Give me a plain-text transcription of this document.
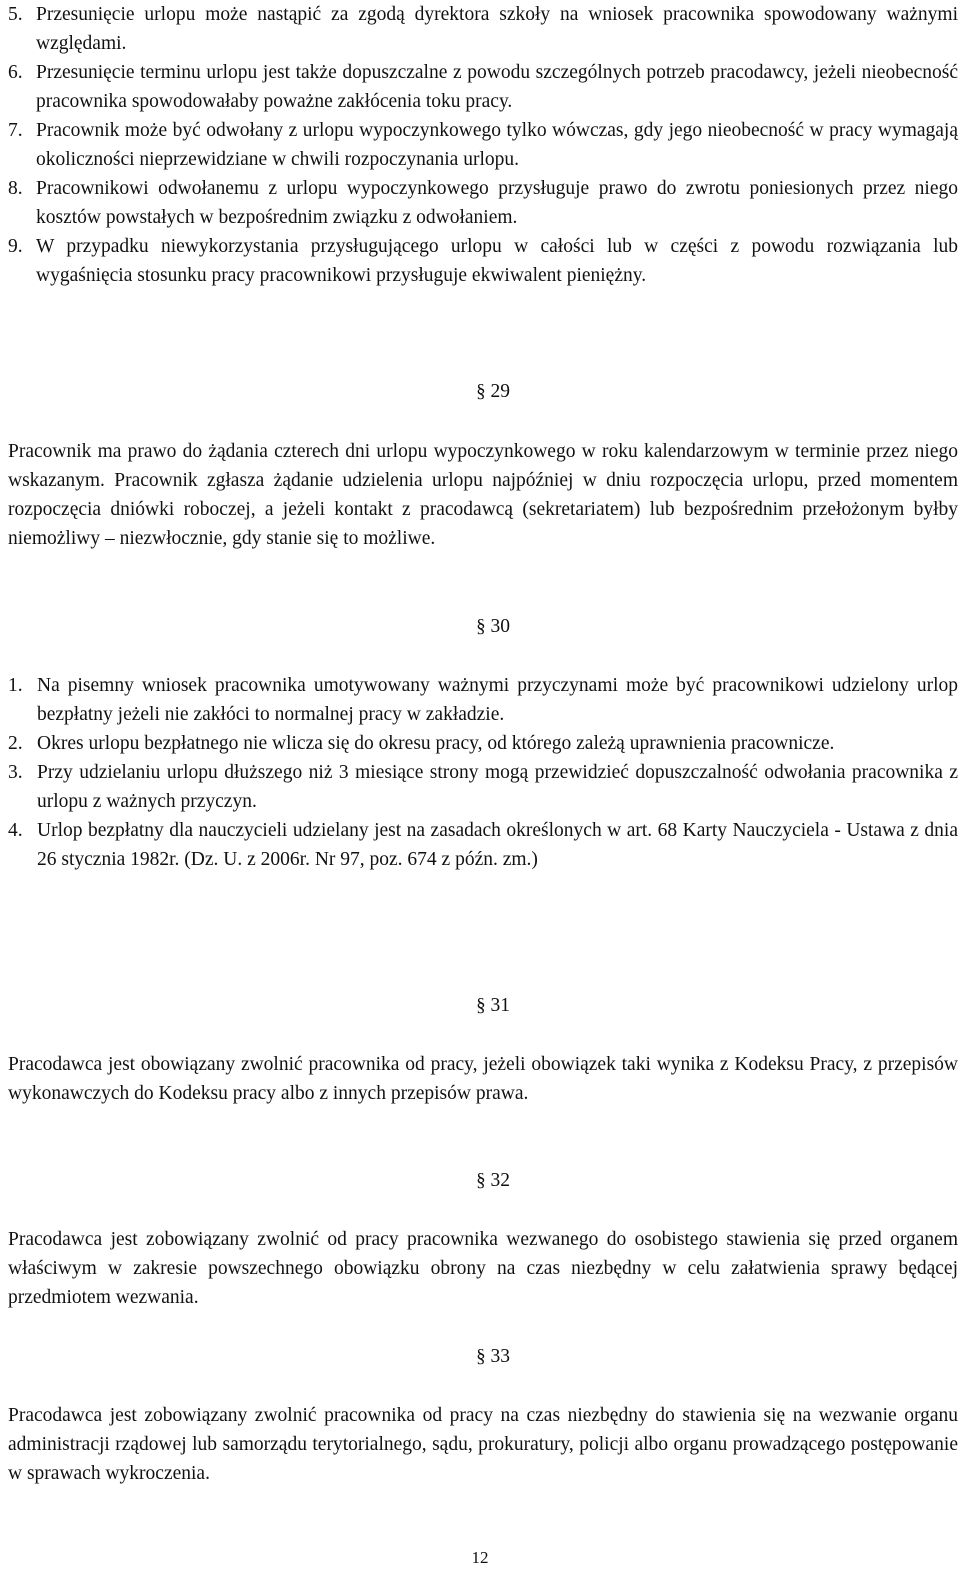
5. Przesunięcie urlopu może nastąpić za zgodą dyrektora szkoły na wniosek pracownika spowodowany ważnymi względami.
6. Przesunięcie terminu urlopu jest także dopuszczalne z powodu szczególnych potrzeb pracodawcy, jeżeli nieobecność pracownika spowodowałaby poważne zakłócenia toku pracy.
7. Pracownik może być odwołany z urlopu wypoczynkowego tylko wówczas, gdy jego nieobecność w pracy wymagają okoliczności nieprzewidziane w chwili rozpoczynania urlopu.
8. Pracownikowi odwołanemu z urlopu wypoczynkowego przysługuje prawo do zwrotu poniesionych przez niego kosztów powstałych w bezpośrednim związku z odwołaniem.
9. W przypadku niewykorzystania przysługującego urlopu w całości lub w części z powodu rozwiązania lub wygaśnięcia stosunku pracy pracownikowi przysługuje ekwiwalent pieniężny.
§ 29

Pracownik ma prawo do żądania czterech dni urlopu wypoczynkowego w roku kalendarzowym w terminie przez niego wskazanym. Pracownik zgłasza żądanie udzielenia urlopu najpóźniej w dniu rozpoczęcia urlopu, przed momentem rozpoczęcia dniówki roboczej, a jeżeli kontakt z pracodawcą (sekretariatem) lub bezpośrednim przełożonym byłby niemożliwy – niezwłocznie, gdy stanie się to możliwe.

§ 30
1. Na pisemny wniosek pracownika umotywowany ważnymi przyczynami może być pracownikowi udzielony urlop bezpłatny jeżeli nie zakłóci to normalnej pracy w zakładzie.
2. Okres urlopu bezpłatnego nie wlicza się do okresu pracy, od którego zależą uprawnienia pracownicze.
3. Przy udzielaniu urlopu dłuższego niż 3 miesiące strony mogą przewidzieć dopuszczalność odwołania pracownika z urlopu z ważnych przyczyn.
4. Urlop bezpłatny dla nauczycieli udzielany jest na zasadach określonych w art. 68 Karty Nauczyciela - Ustawa z dnia 26 stycznia 1982r. (Dz. U. z 2006r. Nr 97, poz. 674 z późn. zm.)
§ 31

Pracodawca jest obowiązany zwolnić pracownika od pracy, jeżeli obowiązek taki wynika z Kodeksu Pracy, z przepisów wykonawczych do Kodeksu pracy albo z innych przepisów prawa.

§ 32

Pracodawca jest zobowiązany zwolnić od pracy pracownika wezwanego do osobistego stawienia się przed organem właściwym w zakresie powszechnego obowiązku obrony na czas niezbędny w celu załatwienia sprawy będącej przedmiotem wezwania.

§ 33

Pracodawca jest zobowiązany zwolnić pracownika od pracy na czas niezbędny do stawienia się na wezwanie organu administracji rządowej lub samorządu terytorialnego, sądu, prokuratury, policji albo organu prowadzącego postępowanie w sprawach wykroczenia.

12
